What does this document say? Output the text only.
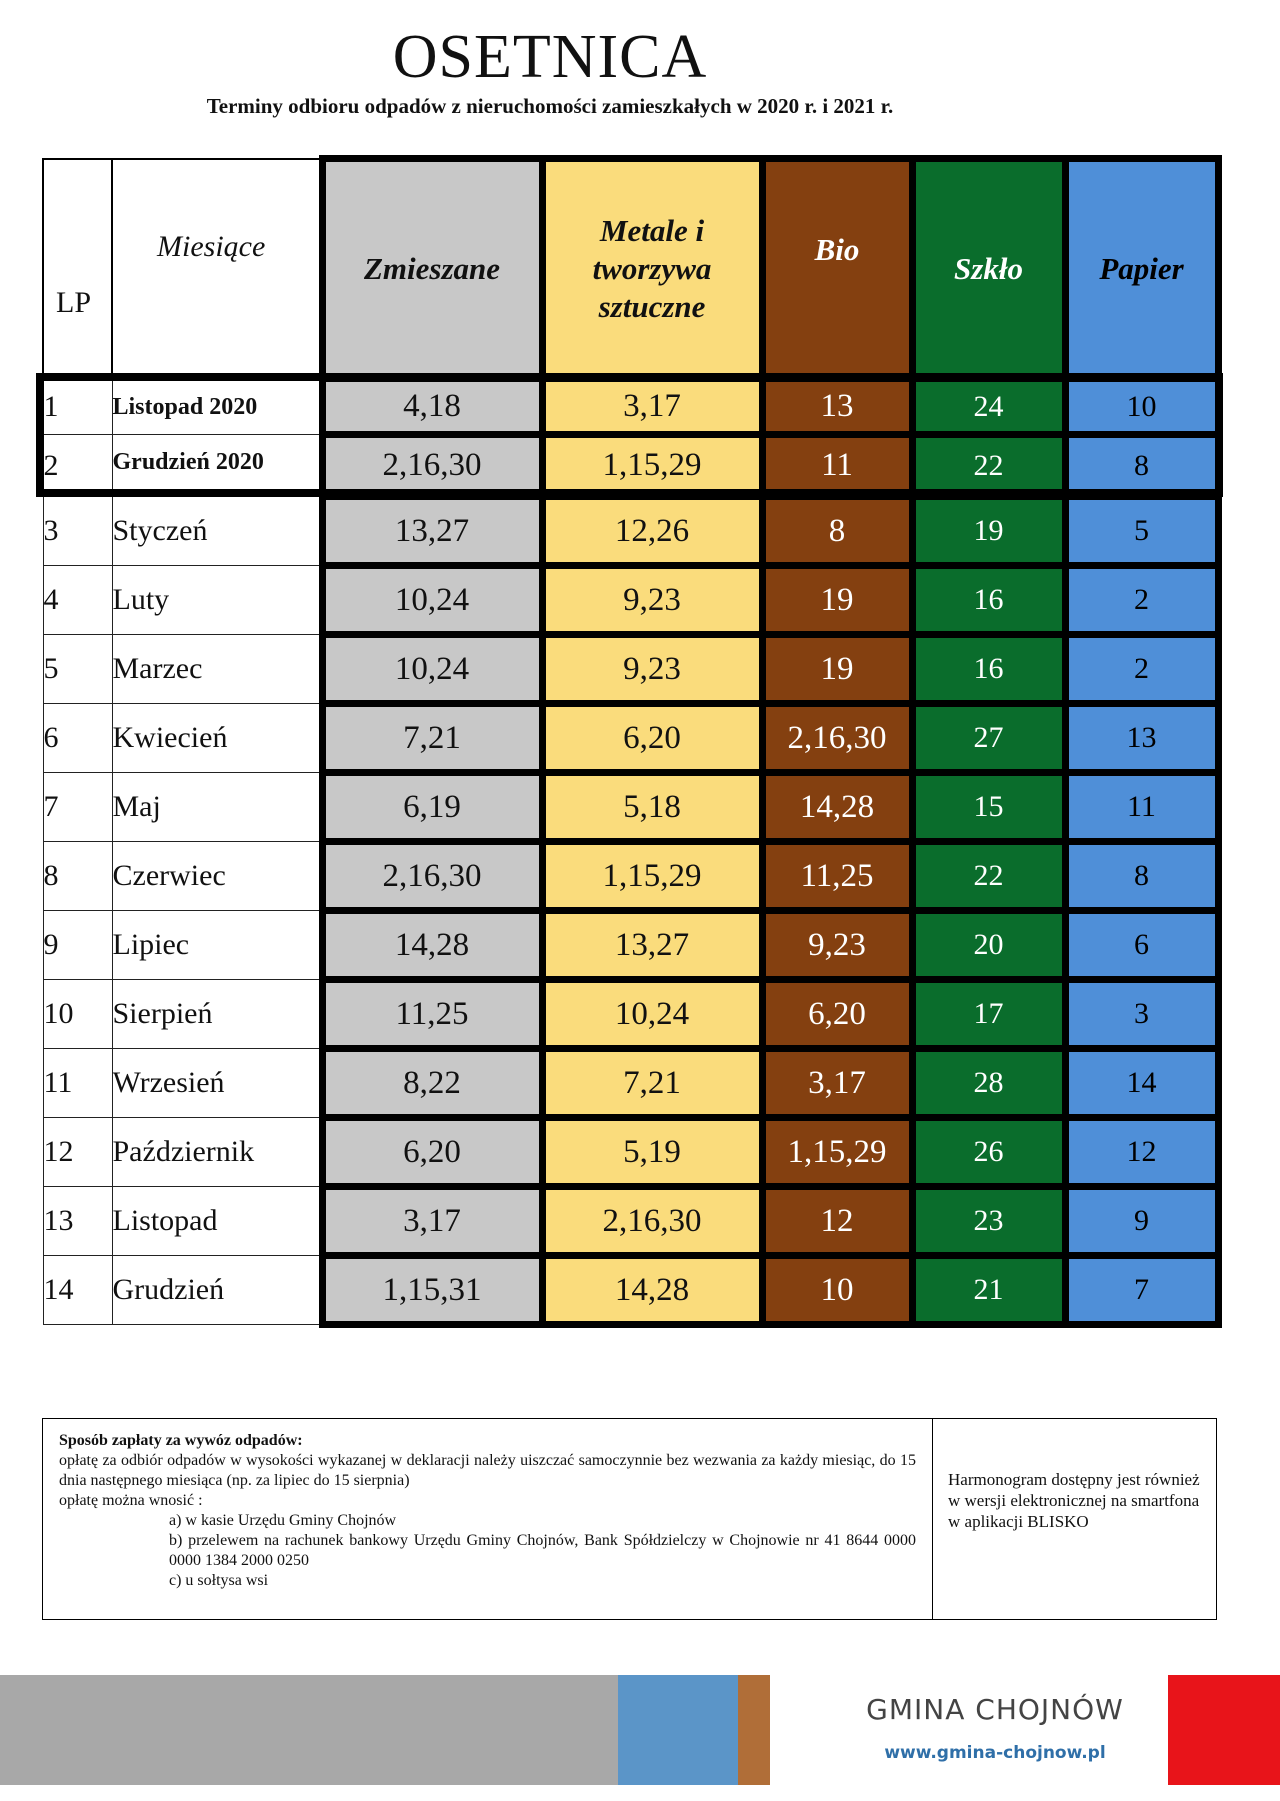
OSETNICA
Terminy odbioru odpadów z nieruchomości zamieszkałych w 2020 r. i 2021 r.
LP	Miesiące	Zmieszane	Metale i tworzywa sztuczne	Bio	Szkło	Papier
1	Listopad 2020	4,18	3,17	13	24	10
2	Grudzień 2020	2,16,30	1,15,29	11	22	8
3	Styczeń	13,27	12,26	8	19	5
4	Luty	10,24	9,23	19	16	2
5	Marzec	10,24	9,23	19	16	2
6	Kwiecień	7,21	6,20	2,16,30	27	13
7	Maj	6,19	5,18	14,28	15	11
8	Czerwiec	2,16,30	1,15,29	11,25	22	8
9	Lipiec	14,28	13,27	9,23	20	6
10	Sierpień	11,25	10,24	6,20	17	3
11	Wrzesień	8,22	7,21	3,17	28	14
12	Październik	6,20	5,19	1,15,29	26	12
13	Listopad	3,17	2,16,30	12	23	9
14	Grudzień	1,15,31	14,28	10	21	7
Sposób zapłaty za wywóz odpadów:
opłatę za odbiór odpadów w wysokości wykazanej w deklaracji należy uiszczać samoczynnie bez wezwania za każdy miesiąc, do 15 dnia następnego miesiąca (np. za lipiec do 15 sierpnia)
opłatę można wnosić :
a) w kasie Urzędu Gminy Chojnów
b) przelewem na rachunek bankowy Urzędu Gminy Chojnów, Bank Spółdzielczy w Chojnowie nr 41 8644 0000 0000 1384 2000 0250
c) u sołtysa wsi
Harmonogram dostępny jest również w wersji elektronicznej na smartfona w aplikacji BLISKO
GMINA CHOJNÓW
www.gmina-chojnow.pl
